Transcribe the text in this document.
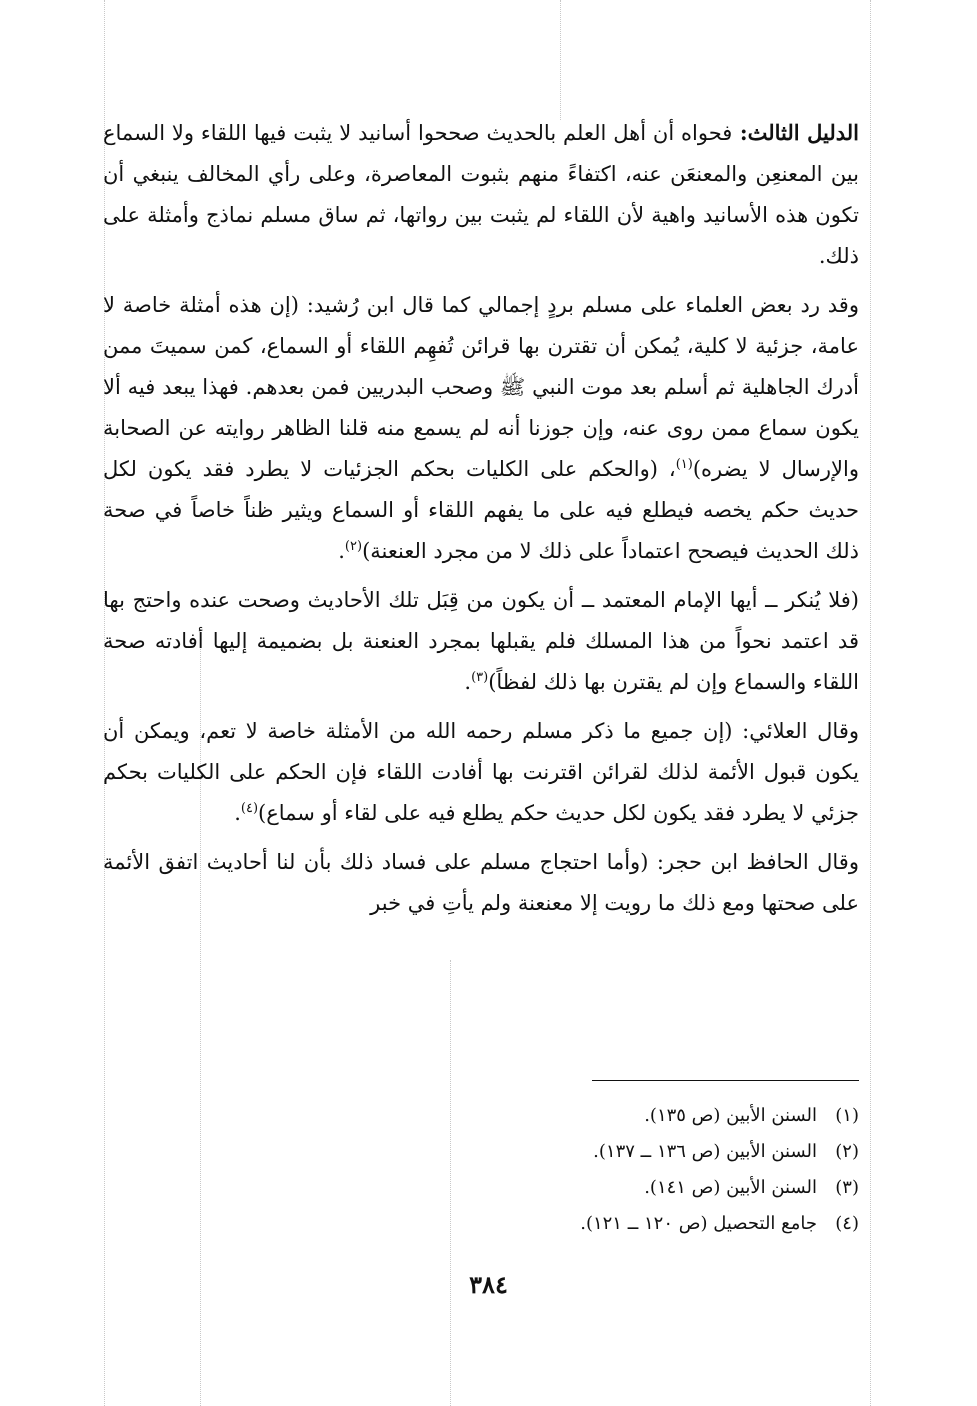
الدليل الثالث: فحواه أن أهل العلم بالحديث صححوا أسانيد لا يثبت فيها اللقاء ولا السماع بين المعنعِن والمعنعَن عنه، اكتفاءً منهم بثبوت المعاصرة، وعلى رأي المخالف ينبغي أن تكون هذه الأسانيد واهية لأن اللقاء لم يثبت بين رواتها، ثم ساق مسلم نماذج وأمثلة على ذلك.

وقد رد بعض العلماء على مسلم بردٍ إجمالي كما قال ابن رُشيد: (إن هذه أمثلة خاصة لا عامة، جزئية لا كلية، يُمكن أن تقترن بها قرائن تُفهِم اللقاء أو السماع، كمن سميتَ ممن أدرك الجاهلية ثم أسلم بعد موت النبي ﷺ وصحب البدريين فمن بعدهم. فهذا يبعد فيه ألا يكون سماع ممن روى عنه، وإن جوزنا أنه لم يسمع منه قلنا الظاهر روايته عن الصحابة والإرسال لا يضره)$^{(١)}$، (والحكم على الكليات بحكم الجزئيات لا يطرد فقد يكون لكل حديث حكم يخصه فيطلع فيه على ما يفهم اللقاء أو السماع ويثير ظناً خاصاً في صحة ذلك الحديث فيصحح اعتماداً على ذلك لا من مجرد العنعنة)$^{(٢)}$.

(فلا يُنكر ــ أيها الإمام المعتمد ــ أن يكون من قِبَل تلك الأحاديث وصحت عنده واحتج بها قد اعتمد نحواً من هذا المسلك فلم يقبلها بمجرد العنعنة بل بضميمة إليها أفادته صحة اللقاء والسماع وإن لم يقترن بها ذلك لفظاً)$^{(٣)}$.

وقال العلائي: (إن جميع ما ذكر مسلم رحمه الله من الأمثلة خاصة لا تعم، ويمكن أن يكون قبول الأئمة لذلك لقرائن اقترنت بها أفادت اللقاء فإن الحكم على الكليات بحكم جزئي لا يطرد فقد يكون لكل حديث حكم يطلع فيه على لقاء أو سماع)$^{(٤)}$.

وقال الحافظ ابن حجر: (وأما احتجاج مسلم على فساد ذلك بأن لنا أحاديث اتفق الأئمة على صحتها ومع ذلك ما رويت إلا معنعنة ولم يأتِ في خبر

(١)السنن الأبين (ص ١٣٥).
(٢)السنن الأبين (ص ١٣٦ ــ ١٣٧).
(٣)السنن الأبين (ص ١٤١).
(٤)جامع التحصيل (ص ١٢٠ ــ ١٢١).
٣٨٤
